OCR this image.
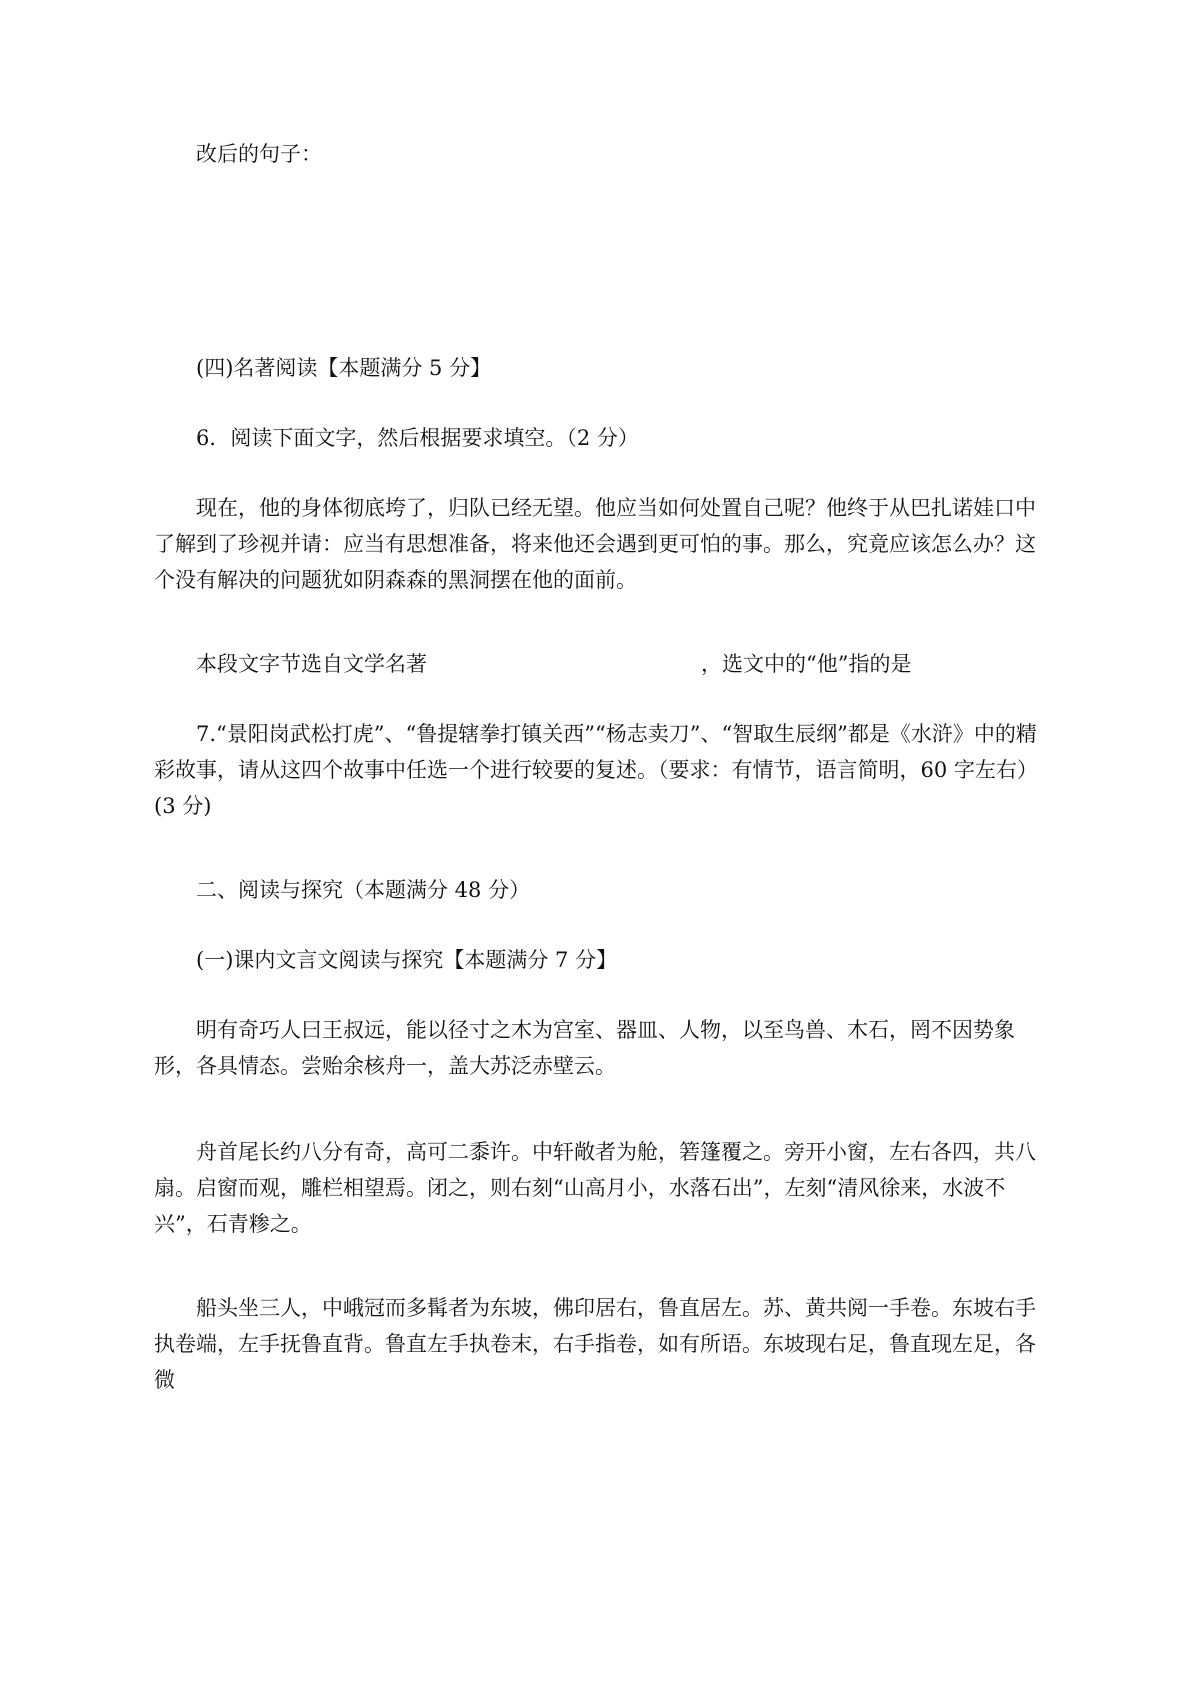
改后的句子：
(四)名著阅读【本题满分 5 分】
6．阅读下面文字，然后根据要求填空。（2 分）
现在，他的身体彻底垮了，归队已经无望。他应当如何处置自己呢？他终于从巴扎诺娃口中了解到了珍视并请：应当有思想准备，将来他还会遇到更可怕的事。那么，究竟应该怎么办？这个没有解决的问题犹如阴森森的黑洞摆在他的面前。
本段文字节选自文学名著	，选文中的“他”指的是
7.“景阳岗武松打虎”、“鲁提辖拳打镇关西”“杨志卖刀”、“智取生辰纲”都是《水浒》中的精彩故事，请从这四个故事中任选一个进行较要的复述。（要求：有情节，语言简明，60 字左右）(3 分)
二、阅读与探究（本题满分 48 分）
(一)课内文言文阅读与探究【本题满分 7 分】
明有奇巧人曰王叔远，能以径寸之木为宫室、器皿、人物，以至鸟兽、木石，罔不因势象形，各具情态。尝贻余核舟一，盖大苏泛赤壁云。
舟首尾长约八分有奇，高可二黍许。中轩敞者为舱，箬篷覆之。旁开小窗，左右各四，共八扇。启窗而观，雕栏相望焉。闭之，则右刻“山高月小，水落石出”，左刻“清风徐来，水波不兴”，石青糁之。
船头坐三人，中峨冠而多髯者为东坡，佛印居右，鲁直居左。苏、黄共阅一手卷。东坡右手执卷端，左手抚鲁直背。鲁直左手执卷末，右手指卷，如有所语。东坡现右足，鲁直现左足，各微
